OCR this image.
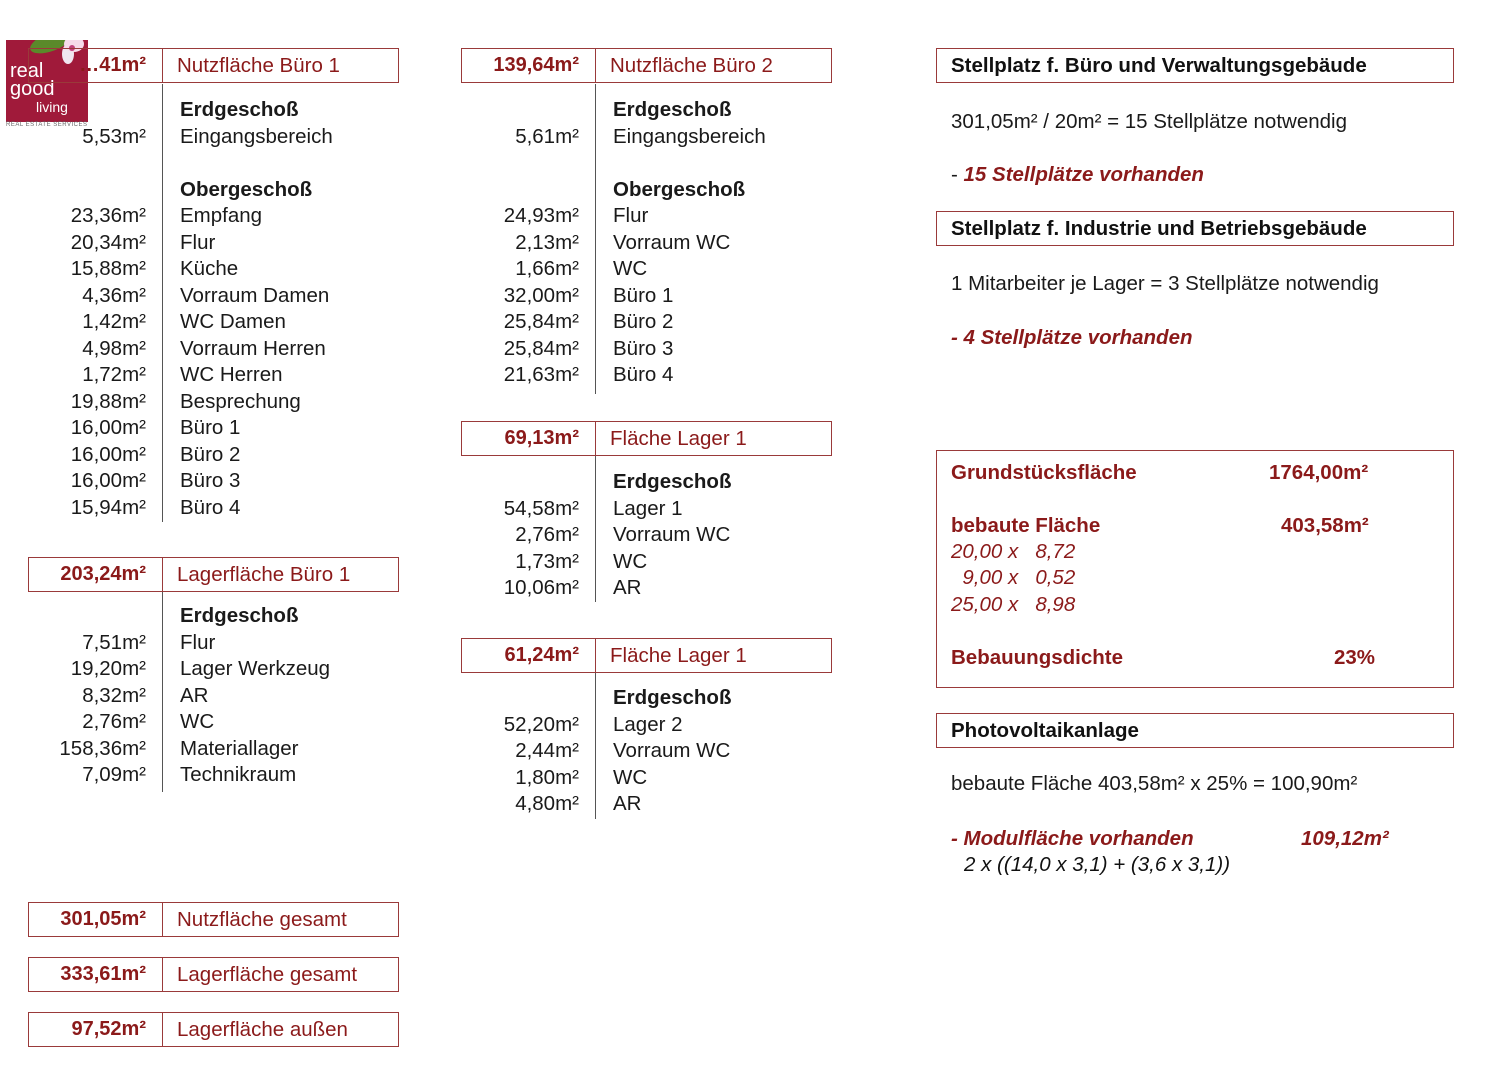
real
good
living
REAL ESTATE SERVICES
…41m²	Nutzfläche Büro 1
Erdgeschoß
5,53m² Eingangsbereich
Obergeschoß
23,36m² Empfang
20,34m² Flur
15,88m² Küche
4,36m² Vorraum Damen
1,42m² WC Damen
4,98m² Vorraum Herren
1,72m² WC Herren
19,88m² Besprechung
16,00m² Büro 1
16,00m² Büro 2
16,00m² Büro 3
15,94m² Büro 4
203,24m²	Lagerfläche Büro 1
Erdgeschoß
7,51m² Flur
19,20m² Lager Werkzeug
8,32m² AR
2,76m² WC
158,36m² Materiallager
7,09m² Technikraum
301,05m²	Nutzfläche gesamt
333,61m²	Lagerfläche gesamt
97,52m²	Lagerfläche außen
139,64m²	Nutzfläche Büro 2
Erdgeschoß
5,61m² Eingangsbereich
Obergeschoß
24,93m² Flur
2,13m² Vorraum WC
1,66m² WC
32,00m² Büro 1
25,84m² Büro 2
25,84m² Büro 3
21,63m² Büro 4
69,13m²	Fläche Lager 1
Erdgeschoß
54,58m² Lager 1
2,76m² Vorraum WC
1,73m² WC
10,06m² AR
61,24m²	Fläche Lager 1
Erdgeschoß
52,20m² Lager 2
2,44m² Vorraum WC
1,80m² WC
4,80m² AR
Stellplatz f. Büro und Verwaltungsgebäude
301,05m² / 20m² = 15 Stellplätze notwendig
- 15 Stellplätze vorhanden
Stellplatz f. Industrie und Betriebsgebäude
1 Mitarbeiter je Lager = 3 Stellplätze notwendig
- 4 Stellplätze vorhanden
Grundstücksfläche	1764,00m²
bebaute Fläche	403,58m²
20,00 x   8,72
9,00 x   0,52
25,00 x   8,98
Bebauungsdichte	23%
Photovoltaikanlage
bebaute Fläche 403,58m² x 25% = 100,90m²
- Modulfläche vorhanden	109,12m²
2 x ((14,0 x 3,1) + (3,6 x 3,1))
